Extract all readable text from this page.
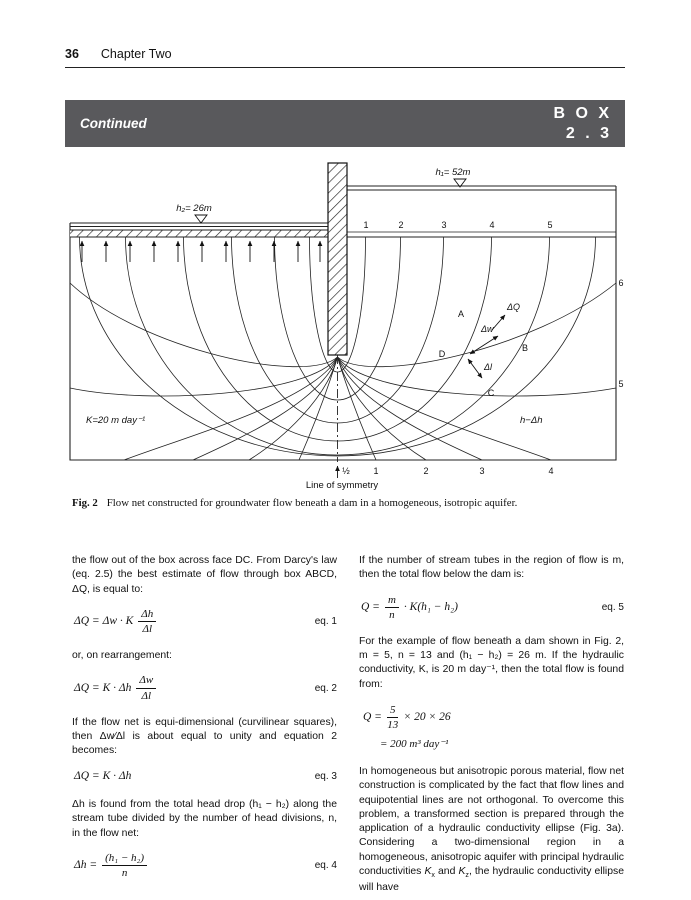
36 Chapter Two
Continued
B O X
2 . 3
h₁= 52m
h₂= 26m
K=20 m day⁻¹	h−Δh
1	2	3	4	5
6
5
½	1	2	3	4
Line of symmetry
A
B
C
D
ΔQ
Δw
Δl
Fig. 2 Flow net constructed for groundwater flow beneath a dam in a homogeneous, isotropic aquifer.

the flow out of the box across face DC. From Darcy's law (eq. 2.5) the best estimate of flow through box ABCD, ΔQ, is equal to:

ΔQ = Δw · K $\frac{\Delta h}{\Delta l}$	eq. 1

or, on rearrangement:

ΔQ = K · Δh $\frac{\Delta w}{\Delta l}$	eq. 2

If the flow net is equi-dimensional (curvilinear squares), then Δw∕Δl is about equal to unity and equation 2 becomes:

ΔQ = K · Δh	eq. 3

Δh is found from the total head drop (h₁ − h₂) along the stream tube divided by the number of head divisions, n, in the flow net:

$\Delta h = \frac{\text{(h₁ − h₂)}}{n}$	eq. 4

If the number of stream tubes in the region of flow is m, then the total flow below the dam is:

$Q = \frac{m}{n} \cdot K(h_1 - h_2)$	eq. 5

For the example of flow beneath a dam shown in Fig. 2, m = 5, n = 13 and (h₁ − h₂) = 26 m. If the hydraulic conductivity, K, is 20 m day⁻¹, then the total flow is found from:

$Q = \frac{5}{13} \times 20 \times 26$
= 200 m³ day⁻¹

In homogeneous but anisotropic porous material, flow net construction is complicated by the fact that flow lines and equipotential lines are not orthogonal. To overcome this problem, a transformed section is prepared through the application of a hydraulic conductivity ellipse (Fig. 3a). Considering a two-dimensional region in a homogeneous, anisotropic aquifer with principal hydraulic conductivities $K_x$ and $K_z$, the hydraulic conductivity ellipse will have
